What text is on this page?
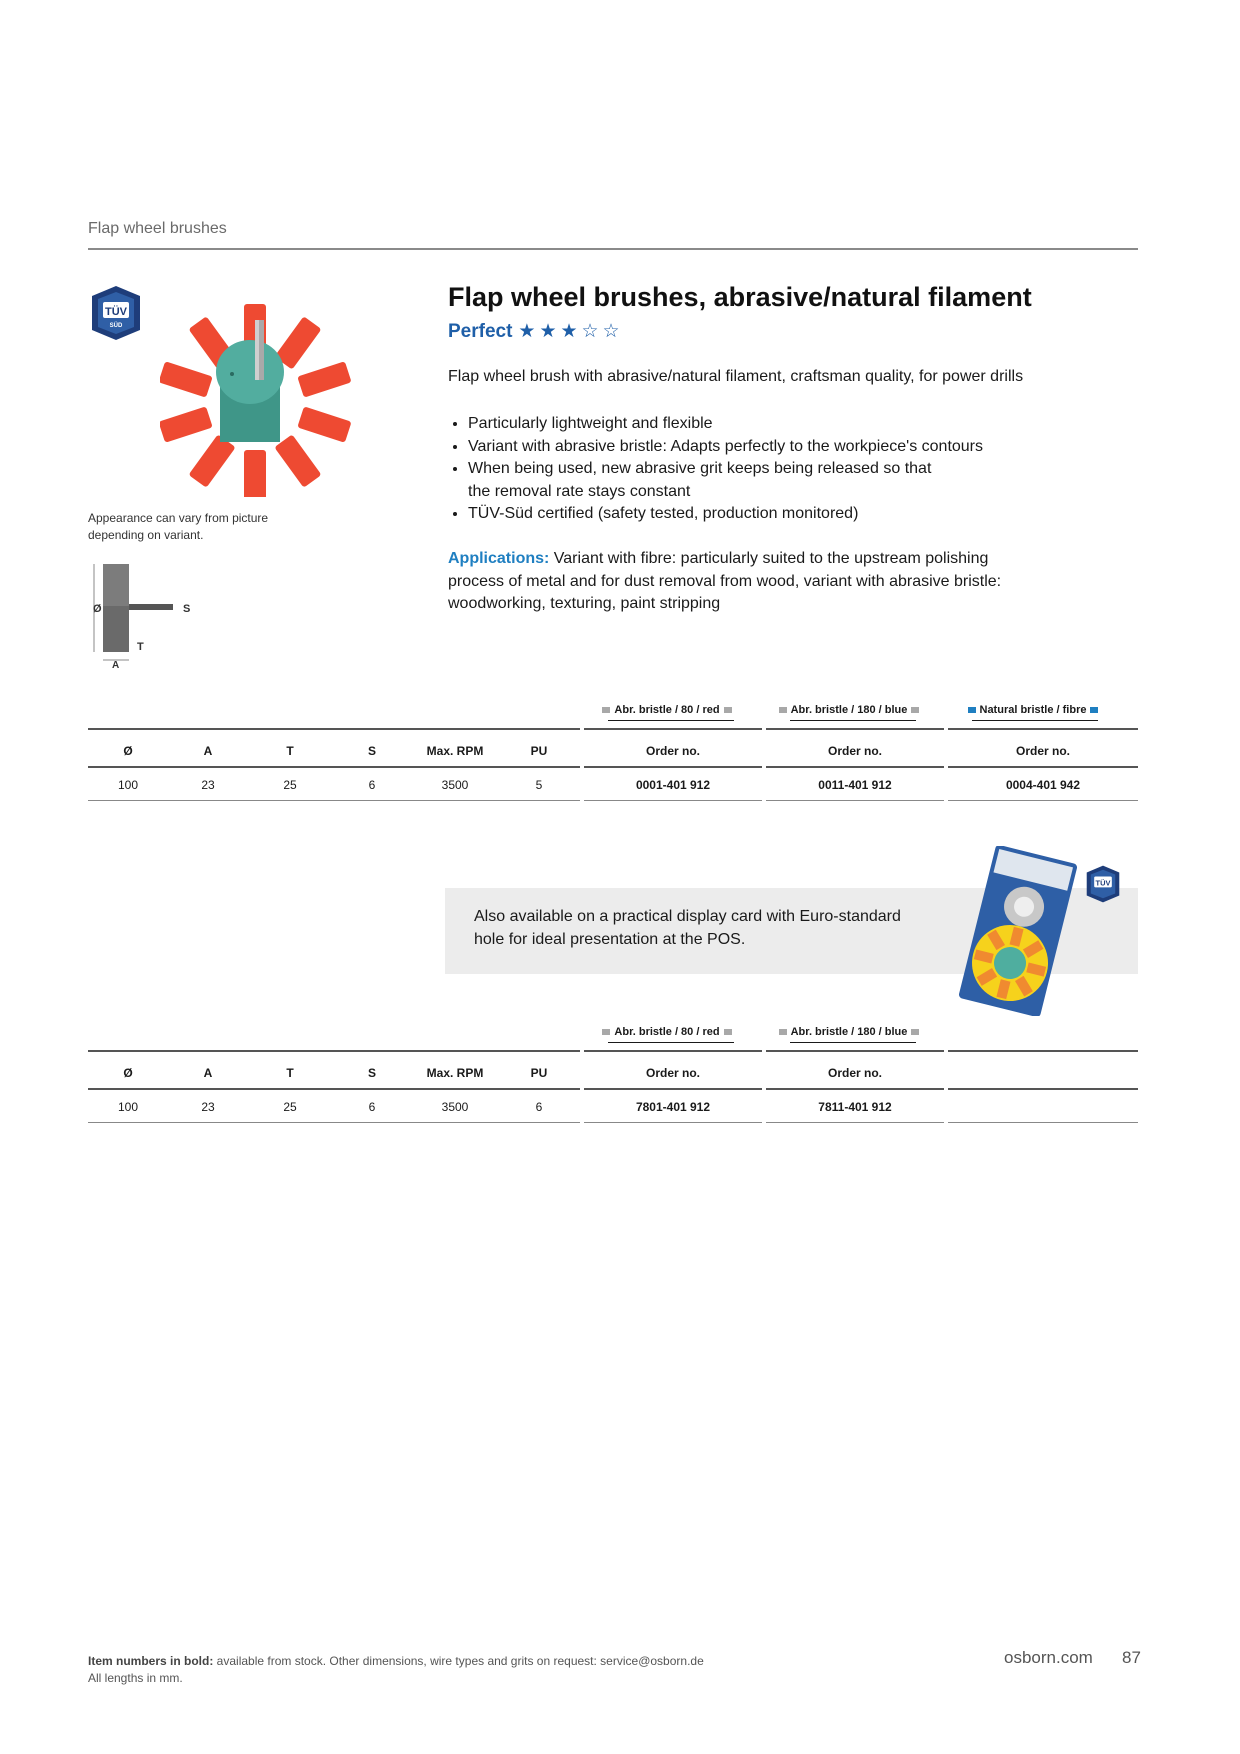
Flap wheel brushes
TÜV
SÜD
Appearance can vary from picture depending on variant.
Ø	S
T
A
Flap wheel brushes, abrasive/natural filament
Perfect ★★★☆☆
Flap wheel brush with abrasive/natural filament, craftsman quality, for power drills
• Particularly lightweight and flexible
• Variant with abrasive bristle: Adapts perfectly to the workpiece's contours
• When being used, new abrasive grit keeps being released so that the removal rate stays constant
• TÜV-Süd certified (safety tested, production monitored)
Applications: Variant with fibre: particularly suited to the upstream polishing process of metal and for dust removal from wood, variant with abrasive bristle: woodworking, texturing, paint stripping
Abr. bristle / 80 / red	Abr. bristle / 180 / blue	Natural bristle / fibre
Ø	A	T	S	Max. RPM	PU	Order no.	Order no.	Order no.
100	23	25	6	3500	5	0001-401 912	0011-401 912	0004-401 942
Also available on a practical display card with Euro-standard hole for ideal presentation at the POS.
TÜV
Abr. bristle / 80 / red	Abr. bristle / 180 / blue
Ø	A	T	S	Max. RPM	PU	Order no.	Order no.
100	23	25	6	3500	6	7801-401 912	7811-401 912
Item numbers in bold: available from stock. Other dimensions, wire types and grits on request: service@osborn.de
All lengths in mm.
osborn.com 87
